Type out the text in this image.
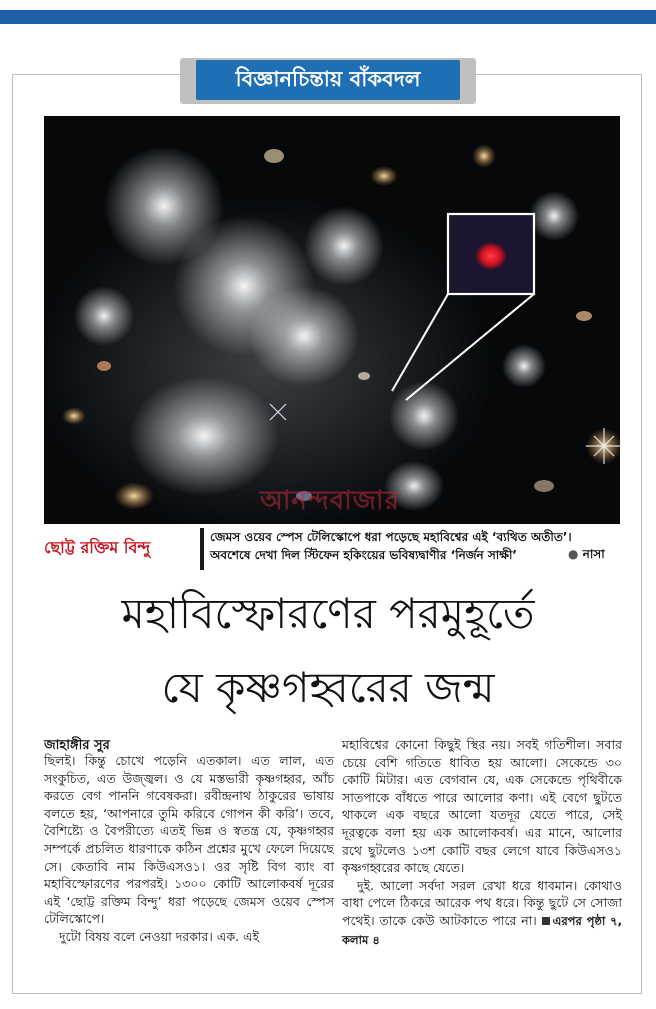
বিজ্ঞানচিন্তায় বাঁকবদল
আনন্দবাজার
ছোট্ট রক্তিম বিন্দু
জেমস ওয়েব স্পেস টেলিস্কোপে ধরা পড়েছে মহাবিশ্বের এই ‘ব্যথিত অতীত’।
অবশেষে দেখা দিল স্টিফেন হকিংয়ের ভবিষ্যদ্বাণীর ‘নির্জন সাক্ষী’	● নাসা
মহাবিস্ফোরণের পরমুহূর্তে
যে কৃষ্ণগহ্বরের জন্ম
জাহাঙ্গীর সুর

ছিলই। কিন্তু চোখে পড়েনি এতকাল। এত লাল, এত সংকুচিত, এত উজ্জ্বল। ও যে মস্তভারী কৃষ্ণগহ্বর, আঁচ করতে বেগ পাননি গবেষকরা। রবীন্দ্রনাথ ঠাকুরের ভাষায় বলতে হয়, ‘আপনারে তুমি করিবে গোপন কী করি’। তবে, বৈশিষ্ট্যে ও বৈপরীত্যে এতই ভিন্ন ও স্বতন্ত্র যে, কৃষ্ণগহ্বর সম্পর্কে প্রচলিত ধারণাকে কঠিন প্রশ্নের মুখে ফেলে দিয়েছে সে। কেতাবি নাম কিউএসও১। ওর সৃষ্টি বিগ ব্যাং বা মহাবিস্ফোরণের পরপরই। ১৩০০ কোটি আলোকবর্ষ দূরের এই ‘ছোট্ট রক্তিম বিন্দু’ ধরা পড়েছে জেমস ওয়েব স্পেস টেলিস্কোপে।

দুটো বিষয় বলে নেওয়া দরকার। এক. এই

মহাবিশ্বের কোনো কিছুই স্থির নয়। সবই গতিশীল। সবার চেয়ে বেশি গতিতে ধাবিত হয় আলো। সেকেন্ডে ৩০ কোটি মিটার। এত বেগবান যে, এক সেকেন্ডে পৃথিবীকে সাতপাকে বাঁধতে পারে আলোর কণা। এই বেগে ছুটতে থাকলে এক বছরে আলো যতদূর যেতে পারে, সেই দূরত্বকে বলা হয় এক আলোকবর্ষ। এর মানে, আলোর রথে ছুটলেও ১৩শ কোটি বছর লেগে যাবে কিউএসও১ কৃষ্ণগহ্বরের কাছে যেতে।

দুই. আলো সর্বদা সরল রেখা ধরে ধাবমান। কোথাও বাধা পেলে ঠিকরে আরেক পথ ধরে। কিন্তু ছুটে সে সোজা পথেই। তাকে কেউ আটকাতে পারে না। এরপর পৃষ্ঠা ৭, কলাম ৪
